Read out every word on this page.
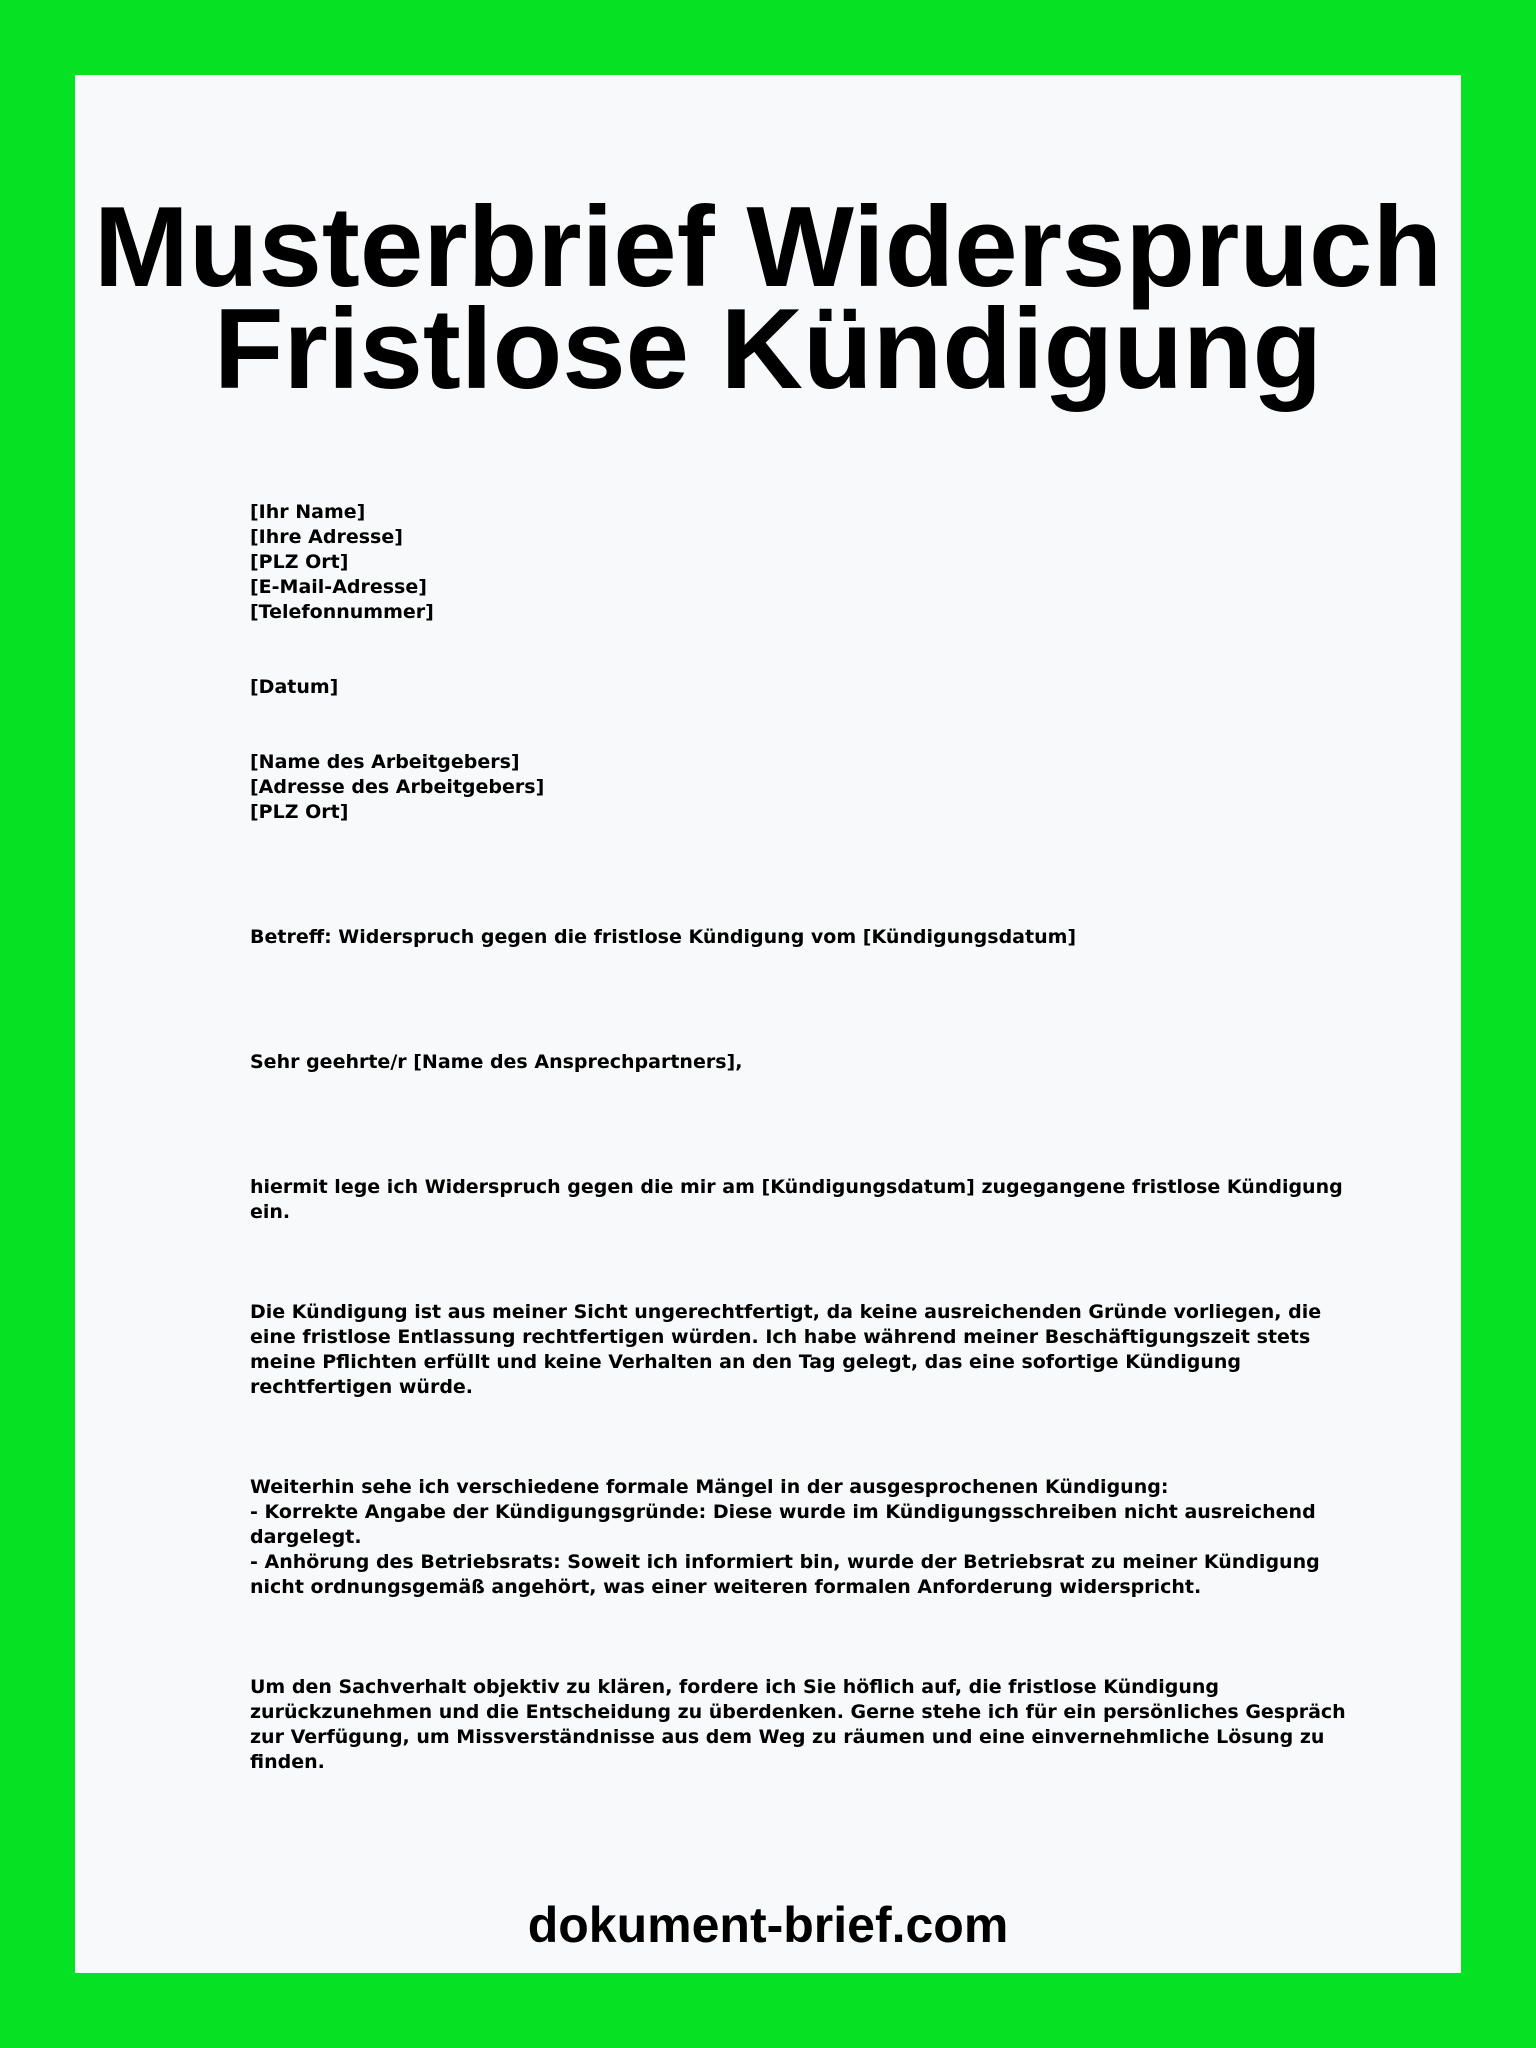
Musterbrief Widerspruch
Fristlose Kündigung
[Ihr Name]
[Ihre Adresse]
[PLZ Ort]
[E-Mail-Adresse]
[Telefonnummer]
[Datum]
[Name des Arbeitgebers]
[Adresse des Arbeitgebers]
[PLZ Ort]
Betreff: Widerspruch gegen die fristlose Kündigung vom [Kündigungsdatum]
Sehr geehrte/r [Name des Ansprechpartners],
hiermit lege ich Widerspruch gegen die mir am [Kündigungsdatum] zugegangene fristlose Kündigung ein.
Die Kündigung ist aus meiner Sicht ungerechtfertigt, da keine ausreichenden Gründe vorliegen, die eine fristlose Entlassung rechtfertigen würden. Ich habe während meiner Beschäftigungszeit stets meine Pflichten erfüllt und keine Verhalten an den Tag gelegt, das eine sofortige Kündigung rechtfertigen würde.
Weiterhin sehe ich verschiedene formale Mängel in der ausgesprochenen Kündigung:
- Korrekte Angabe der Kündigungsgründe: Diese wurde im Kündigungsschreiben nicht ausreichend dargelegt.
- Anhörung des Betriebsrats: Soweit ich informiert bin, wurde der Betriebsrat zu meiner Kündigung nicht ordnungsgemäß angehört, was einer weiteren formalen Anforderung widerspricht.
Um den Sachverhalt objektiv zu klären, fordere ich Sie höflich auf, die fristlose Kündigung zurückzunehmen und die Entscheidung zu überdenken. Gerne stehe ich für ein persönliches Gespräch zur Verfügung, um Missverständnisse aus dem Weg zu räumen und eine einvernehmliche Lösung zu finden.
dokument-brief.com
